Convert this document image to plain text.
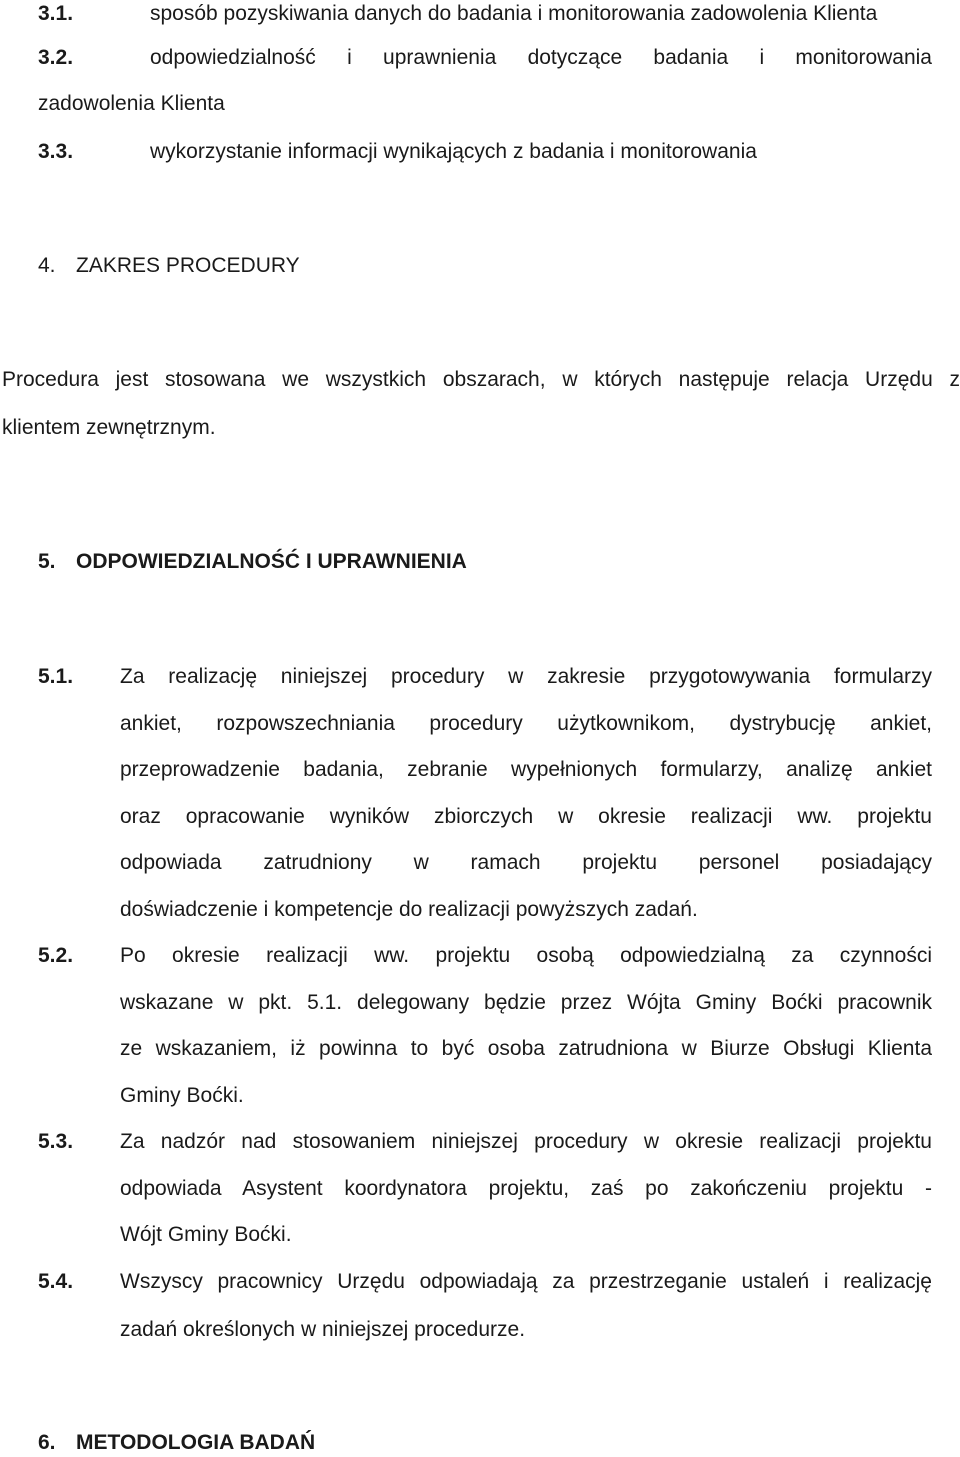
3.1.	sposób pozyskiwania danych do badania i monitorowania zadowolenia Klienta
3.2.	odpowiedzialność i uprawnienia dotyczące badania i monitorowania
zadowolenia Klienta
3.3.	wykorzystanie informacji wynikających z badania i monitorowania
4. ZAKRES PROCEDURY
Procedura jest stosowana we wszystkich obszarach, w których następuje relacja Urzędu z
klientem zewnętrznym.
5. ODPOWIEDZIALNOŚĆ I UPRAWNIENIA
5.1. Za realizację niniejszej procedury w zakresie przygotowywania formularzy
ankiet, rozpowszechniania procedury użytkownikom, dystrybucję ankiet,
przeprowadzenie badania, zebranie wypełnionych formularzy, analizę ankiet
oraz opracowanie wyników zbiorczych w okresie realizacji ww. projektu
odpowiada zatrudniony w ramach projektu personel posiadający
doświadczenie i kompetencje do realizacji powyższych zadań.
5.2. Po okresie realizacji ww. projektu osobą odpowiedzialną za czynności
wskazane w pkt. 5.1. delegowany będzie przez Wójta Gminy Boćki pracownik
ze wskazaniem, iż powinna to być osoba zatrudniona w Biurze Obsługi Klienta
Gminy Boćki.
5.3. Za nadzór nad stosowaniem niniejszej procedury w okresie realizacji projektu
odpowiada Asystent koordynatora projektu, zaś po zakończeniu projektu -
Wójt Gminy Boćki.
5.4. Wszyscy pracownicy Urzędu odpowiadają za przestrzeganie ustaleń i realizację
zadań określonych w niniejszej procedurze.
6. METODOLOGIA BADAŃ
